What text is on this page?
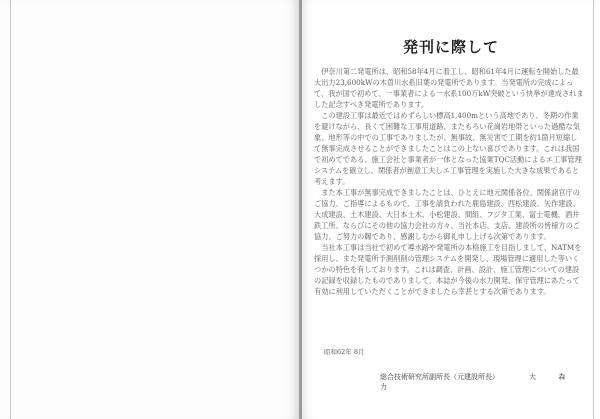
発刊に際して

伊奈川第二発電所は、昭和58年4月に着工し、昭和61年4月に運転を開始した最大出力23,600kWの木曽川水系旧葉の発電所であります。当発電所の完成によって、我が国で初めて、一事業者による一水系100万kW突破という快挙が達成されました記念すべき発電所であります。

この建設工事は最近ではめずらしい標高1,400mという高地であり、冬期の作業を避けながら、長くて困難な工事用道路、またもろい花崗岩地帯といった過酷な気象、地形等の中での工事でありましたが、無事故、無災害で工期を約1箇月短縮して無事完成させることができましたことはこの上ない喜びであります。これは我国で初めてである、施工会社と事業者が一体となった協業TQC活動によるエ工事管理システムを確立し、関係者が創意工夫しエ工事管理を実施した大きな成果であると考えます。

また本工事が無事完成できましたことは、ひとえに地元関係各位、関係諸官庁のご協力、ご指導によるもので、工事を請負われた鹿島建設、西松建設、矢作建設、大成建設、土木建設、大日本土木、小松建設、間組、フジタ工業、富士電機、酒井鉄工所、ならびにその他の協力会社の方々、当社本店、支店、建設所の皆様方のご協力、ご努力の賜であり、感謝しむから御礼申し上げる次第であります。

当社本工事は当社で初めて導水路や発電所の本格施工を目指しまして、NATMを採用し、また発電所予測削削の管理システムを開発し、現場管理に適用した等いくつかの特色を有しております。これは調査、計画、設計、施工管理についての建設の記録を収録したものでありまして、本誌が今後の水力開発、保守管理にあたって有効に利用していただくことができましたら幸甚とする次第であります。

昭和62年 8月
総合技術研究所副所長（元建設所長）	大 森 力
